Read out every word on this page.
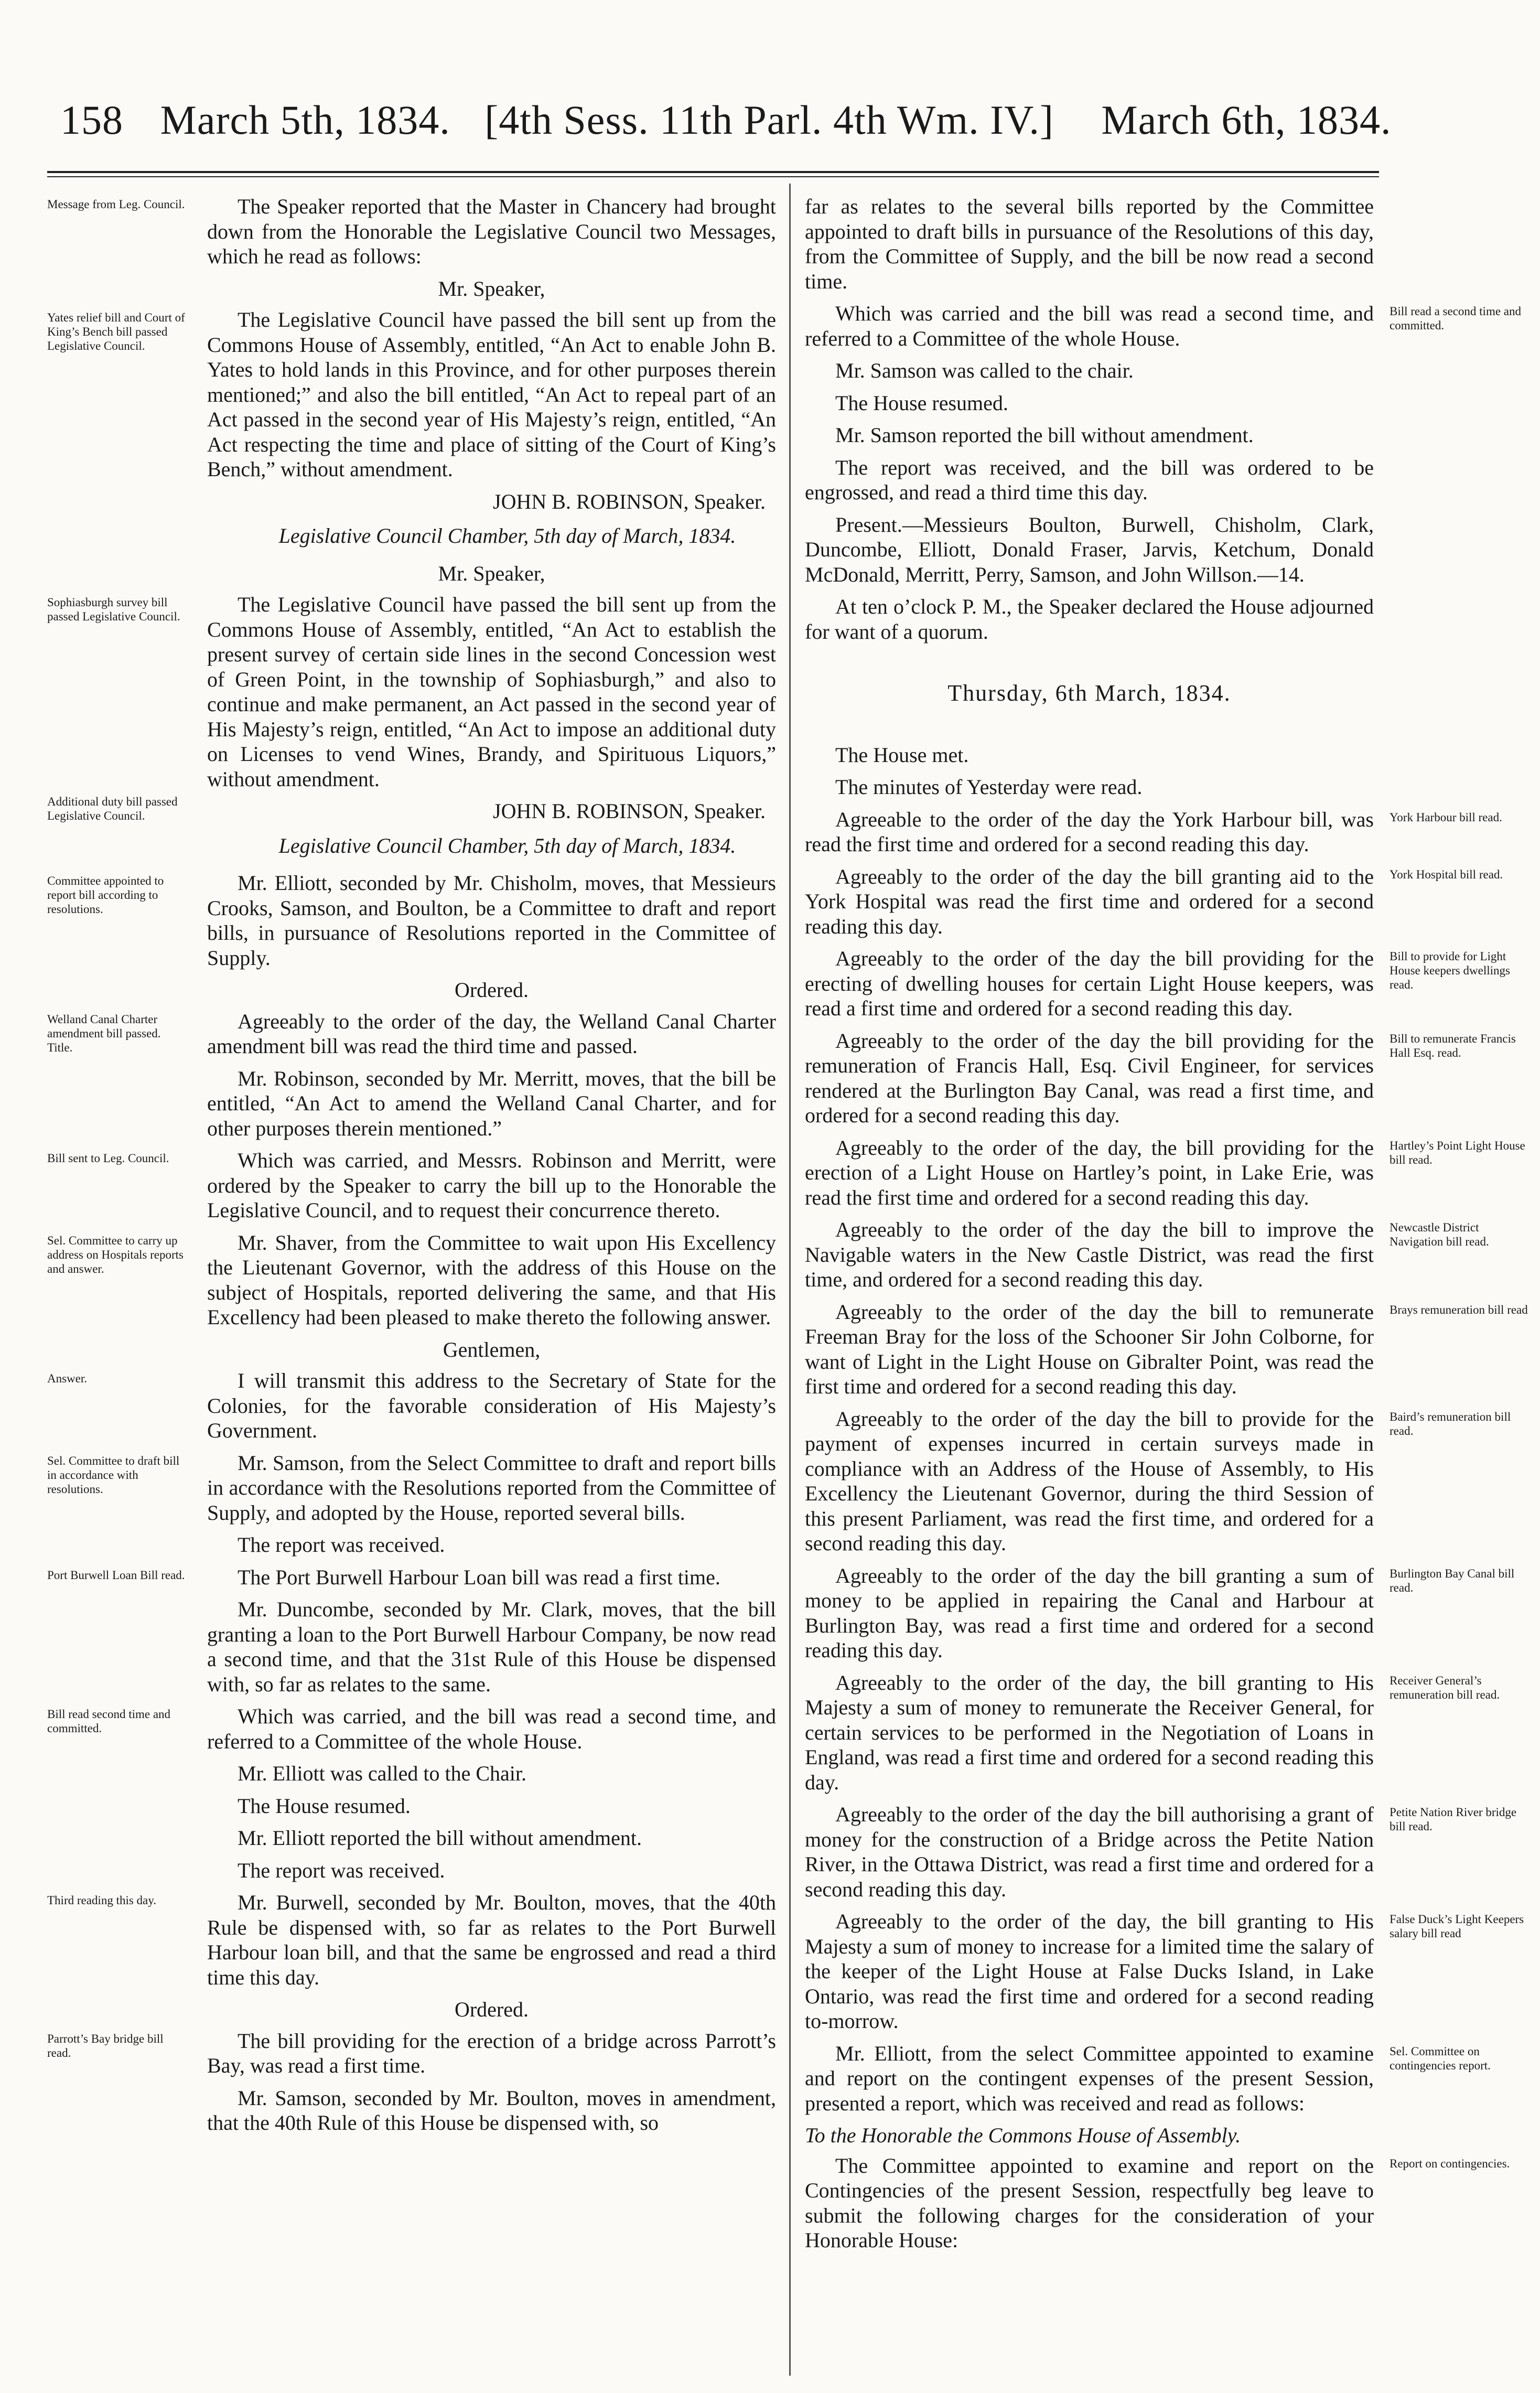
158 March 5th, 1834. [4th Sess. 11th Parl. 4th Wm. IV.] March 6th, 1834.
Message from Leg. Council.
Yates relief bill and Court of King’s Bench bill passed Legislative Council.
Sophiasburgh survey bill passed Legislative Council.
Additional duty bill passed Legislative Council.
Committee appointed to report bill according to resolutions.
Welland Canal Charter amendment bill passed. Title.
Bill sent to Leg. Council.
Sel. Committee to carry up address on Hospitals reports and answer.
Answer.
Sel. Committee to draft bill in accordance with resolutions.
Port Burwell Loan Bill read.
Bill read second time and committed.
Third reading this day.
Parrott’s Bay bridge bill read.

The Speaker reported that the Master in Chancery had brought down from the Honorable the Legislative Council two Messages, which he read as follows:

Mr. Speaker,

The Legislative Council have passed the bill sent up from the Commons House of Assembly, entitled, “An Act to enable John B. Yates to hold lands in this Province, and for other purposes therein mentioned;” and also the bill entitled, “An Act to repeal part of an Act passed in the second year of His Majesty’s reign, entitled, “An Act respecting the time and place of sitting of the Court of King’s Bench,” without amendment.

JOHN B. ROBINSON, Speaker.

Legislative Council Chamber, 5th day of March, 1834.

Mr. Speaker,

The Legislative Council have passed the bill sent up from the Commons House of Assembly, entitled, “An Act to establish the present survey of certain side lines in the second Concession west of Green Point, in the township of Sophiasburgh,” and also to continue and make permanent, an Act passed in the second year of His Majesty’s reign, entitled, “An Act to impose an additional duty on Licenses to vend Wines, Brandy, and Spirituous Liquors,” without amendment.

JOHN B. ROBINSON, Speaker.

Legislative Council Chamber, 5th day of March, 1834.

Mr. Elliott, seconded by Mr. Chisholm, moves, that Messieurs Crooks, Samson, and Boulton, be a Committee to draft and report bills, in pursuance of Resolutions reported in the Committee of Supply.

Ordered.

Agreeably to the order of the day, the Welland Canal Charter amendment bill was read the third time and passed.

Mr. Robinson, seconded by Mr. Merritt, moves, that the bill be entitled, “An Act to amend the Welland Canal Charter, and for other purposes therein mentioned.”

Which was carried, and Messrs. Robinson and Merritt, were ordered by the Speaker to carry the bill up to the Honorable the Legislative Council, and to request their concurrence thereto.

Mr. Shaver, from the Committee to wait upon His Excellency the Lieutenant Governor, with the address of this House on the subject of Hospitals, reported delivering the same, and that His Excellency had been pleased to make thereto the following answer.

Gentlemen,

I will transmit this address to the Secretary of State for the Colonies, for the favorable consideration of His Majesty’s Government.

Mr. Samson, from the Select Committee to draft and report bills in accordance with the Resolutions reported from the Committee of Supply, and adopted by the House, reported several bills.

The report was received.

The Port Burwell Harbour Loan bill was read a first time.

Mr. Duncombe, seconded by Mr. Clark, moves, that the bill granting a loan to the Port Burwell Harbour Company, be now read a second time, and that the 31st Rule of this House be dispensed with, so far as relates to the same.

Which was carried, and the bill was read a second time, and referred to a Committee of the whole House.

Mr. Elliott was called to the Chair.

The House resumed.

Mr. Elliott reported the bill without amendment.

The report was received.

Mr. Burwell, seconded by Mr. Boulton, moves, that the 40th Rule be dispensed with, so far as relates to the Port Burwell Harbour loan bill, and that the same be engrossed and read a third time this day.

Ordered.

The bill providing for the erection of a bridge across Parrott’s Bay, was read a first time.

Mr. Samson, seconded by Mr. Boulton, moves in amendment, that the 40th Rule of this House be dispensed with, so

far as relates to the several bills reported by the Committee appointed to draft bills in pursuance of the Resolutions of this day, from the Committee of Supply, and the bill be now read a second time.

Which was carried and the bill was read a second time, and referred to a Committee of the whole House.

Mr. Samson was called to the chair.

The House resumed.

Mr. Samson reported the bill without amendment.

The report was received, and the bill was ordered to be engrossed, and read a third time this day.

Present.—Messieurs Boulton, Burwell, Chisholm, Clark, Duncombe, Elliott, Donald Fraser, Jarvis, Ketchum, Donald McDonald, Merritt, Perry, Samson, and John Willson.—14.

At ten o’clock P. M., the Speaker declared the House adjourned for want of a quorum.

Thursday, 6th March, 1834.

The House met.

The minutes of Yesterday were read.

Agreeable to the order of the day the York Harbour bill, was read the first time and ordered for a second reading this day.

Agreeably to the order of the day the bill granting aid to the York Hospital was read the first time and ordered for a second reading this day.

Agreeably to the order of the day the bill providing for the erecting of dwelling houses for certain Light House keepers, was read a first time and ordered for a second reading this day.

Agreeably to the order of the day the bill providing for the remuneration of Francis Hall, Esq. Civil Engineer, for services rendered at the Burlington Bay Canal, was read a first time, and ordered for a second reading this day.

Agreeably to the order of the day, the bill providing for the erection of a Light House on Hartley’s point, in Lake Erie, was read the first time and ordered for a second reading this day.

Agreeably to the order of the day the bill to improve the Navigable waters in the New Castle District, was read the first time, and ordered for a second reading this day.

Agreeably to the order of the day the bill to remunerate Freeman Bray for the loss of the Schooner Sir John Colborne, for want of Light in the Light House on Gibralter Point, was read the first time and ordered for a second reading this day.

Agreeably to the order of the day the bill to provide for the payment of expenses incurred in certain surveys made in compliance with an Address of the House of Assembly, to His Excellency the Lieutenant Governor, during the third Session of this present Parliament, was read the first time, and ordered for a second reading this day.

Agreeably to the order of the day the bill granting a sum of money to be applied in repairing the Canal and Harbour at Burlington Bay, was read a first time and ordered for a second reading this day.

Agreeably to the order of the day, the bill granting to His Majesty a sum of money to remunerate the Receiver General, for certain services to be performed in the Negotiation of Loans in England, was read a first time and ordered for a second reading this day.

Agreeably to the order of the day the bill authorising a grant of money for the construction of a Bridge across the Petite Nation River, in the Ottawa District, was read a first time and ordered for a second reading this day.

Agreeably to the order of the day, the bill granting to His Majesty a sum of money to increase for a limited time the salary of the keeper of the Light House at False Ducks Island, in Lake Ontario, was read the first time and ordered for a second reading to-morrow.

Mr. Elliott, from the select Committee appointed to examine and report on the contingent expenses of the present Session, presented a report, which was received and read as follows:

To the Honorable the Commons House of Assembly.

The Committee appointed to examine and report on the Contingencies of the present Session, respectfully beg leave to submit the following charges for the consideration of your Honorable House:

Bill read a second time and committed.
York Harbour bill read.
York Hospital bill read.
Bill to provide for Light House keepers dwellings read.
Bill to remunerate Francis Hall Esq. read.
Hartley’s Point Light House bill read.
Newcastle District Navigation bill read.
Brays remuneration bill read
Baird’s remuneration bill read.
Burlington Bay Canal bill read.
Receiver General’s remuneration bill read.
Petite Nation River bridge bill read.
False Duck’s Light Keepers salary bill read
Sel. Committee on contingencies report.
Report on contingencies.
